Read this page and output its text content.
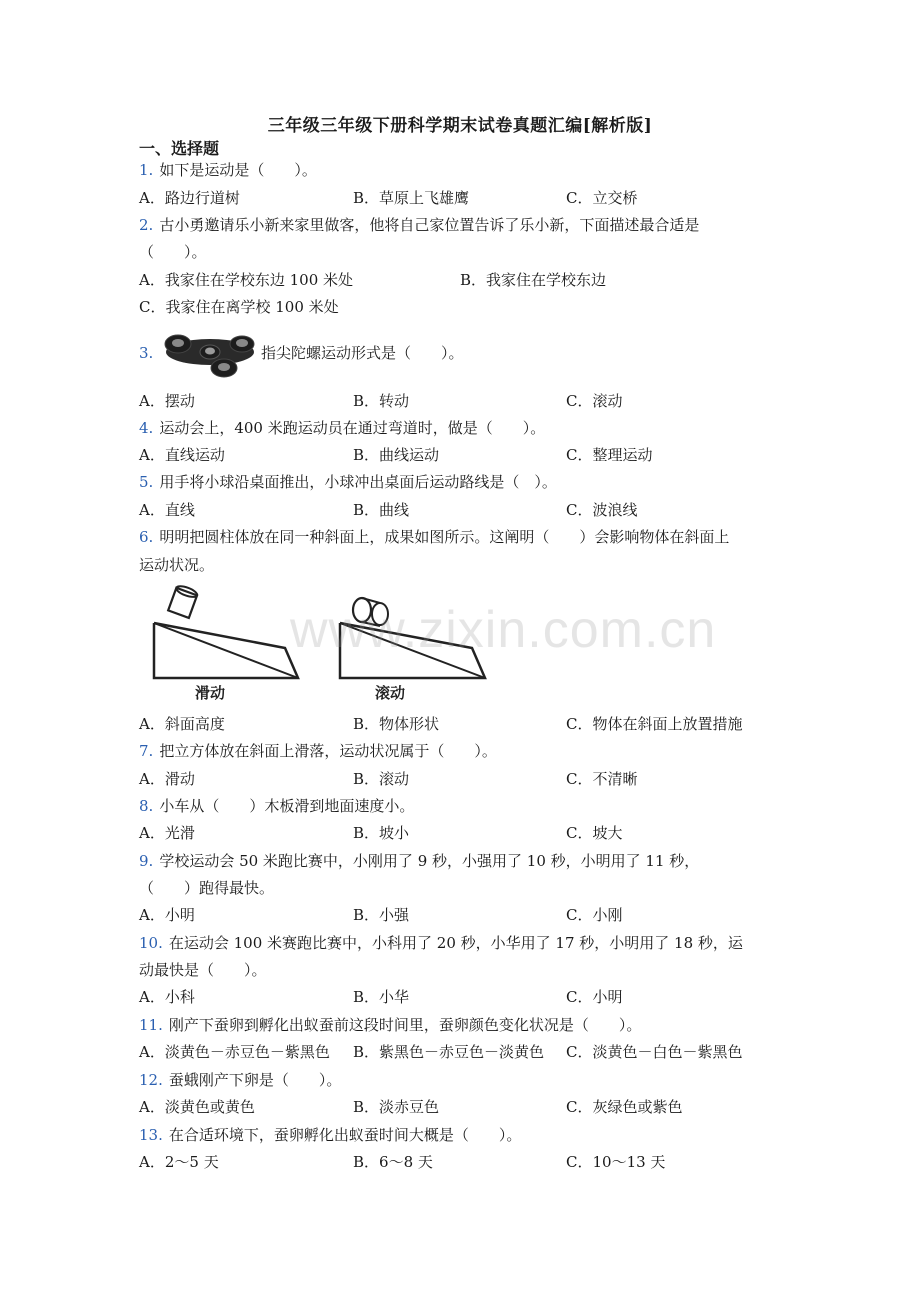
三年级三年级下册科学期末试卷真题汇编[解析版]
一、选择题
1. 如下是运动是（　　）。
A．路边行道树	B．草原上飞雄鹰	C．立交桥
2. 古小勇邀请乐小新来家里做客，他将自己家位置告诉了乐小新，下面描述最合适是
（　　）。
A．我家住在学校东边 100 米处	B．我家住在学校东边
C．我家住在离学校 100 米处
3.	指尖陀螺运动形式是（　　）。
A．摆动	B．转动	C．滚动
4. 运动会上，400 米跑运动员在通过弯道时，做是（　　）。
A．直线运动	B．曲线运动	C．整理运动
5. 用手将小球沿桌面推出，小球冲出桌面后运动路线是（　）。
A．直线	B．曲线	C．波浪线
6. 明明把圆柱体放在同一种斜面上，成果如图所示。这阐明（　　）会影响物体在斜面上
运动状况。
滑动	滚动
www.zixin.com.cn
A．斜面高度	B．物体形状	C．物体在斜面上放置措施
7. 把立方体放在斜面上滑落，运动状况属于（　　）。
A．滑动	B．滚动	C．不清晰
8. 小车从（　　）木板滑到地面速度小。
A．光滑	B．坡小	C．坡大
9. 学校运动会 50 米跑比赛中，小刚用了 9 秒，小强用了 10 秒，小明用了 11 秒，
（　　）跑得最快。
A．小明	B．小强	C．小刚
10. 在运动会 100 米赛跑比赛中，小科用了 20 秒，小华用了 17 秒，小明用了 18 秒，运
动最快是（　　）。
A．小科	B．小华	C．小明
11. 刚产下蚕卵到孵化出蚁蚕前这段时间里，蚕卵颜色变化状况是（　　）。
A．淡黄色－赤豆色－紫黑色 B．紫黑色－赤豆色－淡黄色 C．淡黄色－白色－紫黑色
12. 蚕蛾刚产下卵是（　　）。
A．淡黄色或黄色	B．淡赤豆色	C．灰绿色或紫色
13. 在合适环境下，蚕卵孵化出蚁蚕时间大概是（　　）。
A．2～5 天	B．6～8 天	C．10～13 天
